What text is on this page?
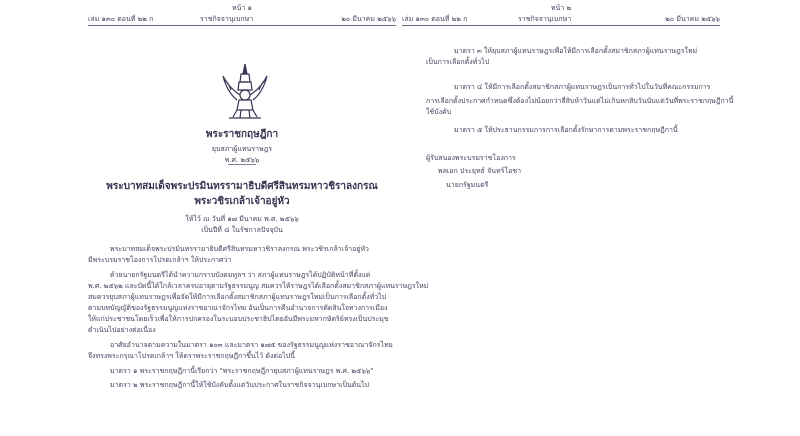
หน้า ๑
เล่ม ๑๓๐ ตอนที่ ๒๒ ก	ราชกิจจานุเบกษา	๒๐ มีนาคม ๒๕๖๖
พระราชกฤษฎีกา
ยุบสภาผู้แทนราษฎร
พ.ศ. ๒๕๖๖
พระบาทสมเด็จพระปรมินทรรามาธิบดีศรีสินทรมหาวชิราลงกรณ
พระวชิรเกล้าเจ้าอยู่หัว
ให้ไว้ ณ วันที่ ๑๗ มีนาคม พ.ศ. ๒๕๖๖
เป็นปีที่ ๘ ในรัชกาลปัจจุบัน
พระบาทสมเด็จพระปรมินทรรามาธิบดีศรีสินทรมหาวชิราลงกรณ พระวชิรเกล้าเจ้าอยู่หัว
มีพระบรมราชโองการโปรดเกล้าฯ ให้ประกาศว่า
ด้วยนายกรัฐมนตรีได้นำความกราบบังคมทูลฯ ว่า สภาผู้แทนราษฎรได้ปฏิบัติหน้าที่ตั้งแต่
พ.ศ. ๒๕๖๒ และบัดนี้ได้ใกล้เวลาครบอายุตามรัฐธรรมนูญ สมควรให้ราษฎรได้เลือกตั้งสมาชิกสภาผู้แทนราษฎรใหม่
สมควรยุบสภาผู้แทนราษฎรเพื่อจัดให้มีการเลือกตั้งสมาชิกสภาผู้แทนราษฎรใหม่เป็นการเลือกตั้งทั่วไป
ตามบทบัญญัติของรัฐธรรมนูญแห่งราชอาณาจักรไทย อันเป็นการคืนอำนาจการตัดสินใจทางการเมือง
ให้แก่ประชาชนโดยเร็วเพื่อให้การปกครองในระบอบประชาธิปไตยอันมีพระมหากษัตริย์ทรงเป็นประมุข
ดำเนินไปอย่างต่อเนื่อง
อาศัยอำนาจตามความในมาตรา ๑๐๓ และมาตรา ๑๗๕ ของรัฐธรรมนูญแห่งราชอาณาจักรไทย
จึงทรงพระกรุณาโปรดเกล้าฯ ให้ตราพระราชกฤษฎีกาขึ้นไว้ ดังต่อไปนี้
มาตรา ๑ พระราชกฤษฎีกานี้เรียกว่า "พระราชกฤษฎีกายุบสภาผู้แทนราษฎร พ.ศ. ๒๕๖๖"
มาตรา ๒ พระราชกฤษฎีกานี้ให้ใช้บังคับตั้งแต่วันประกาศในราชกิจจานุเบกษาเป็นต้นไป
หน้า ๒
เล่ม ๑๓๐ ตอนที่ ๒๒ ก	ราชกิจจานุเบกษา	๒๐ มีนาคม ๒๕๖๖
มาตรา ๓ ให้ยุบสภาผู้แทนราษฎรเพื่อให้มีการเลือกตั้งสมาชิกสภาผู้แทนราษฎรใหม่
เป็นการเลือกตั้งทั่วไป
มาตรา ๔ ให้มีการเลือกตั้งสมาชิกสภาผู้แทนราษฎรเป็นการทั่วไปในวันที่คณะกรรมการ
การเลือกตั้งประกาศกำหนดซึ่งต้องไม่น้อยกว่าสี่สิบห้าวันแต่ไม่เกินหกสิบวันนับแต่วันที่พระราชกฤษฎีกานี้
ใช้บังคับ
มาตรา ๕ ให้ประธานกรรมการการเลือกตั้งรักษาการตามพระราชกฤษฎีกานี้
ผู้รับสนองพระบรมราชโองการ
พลเอก ประยุทธ์ จันทร์โอชา
นายกรัฐมนตรี
